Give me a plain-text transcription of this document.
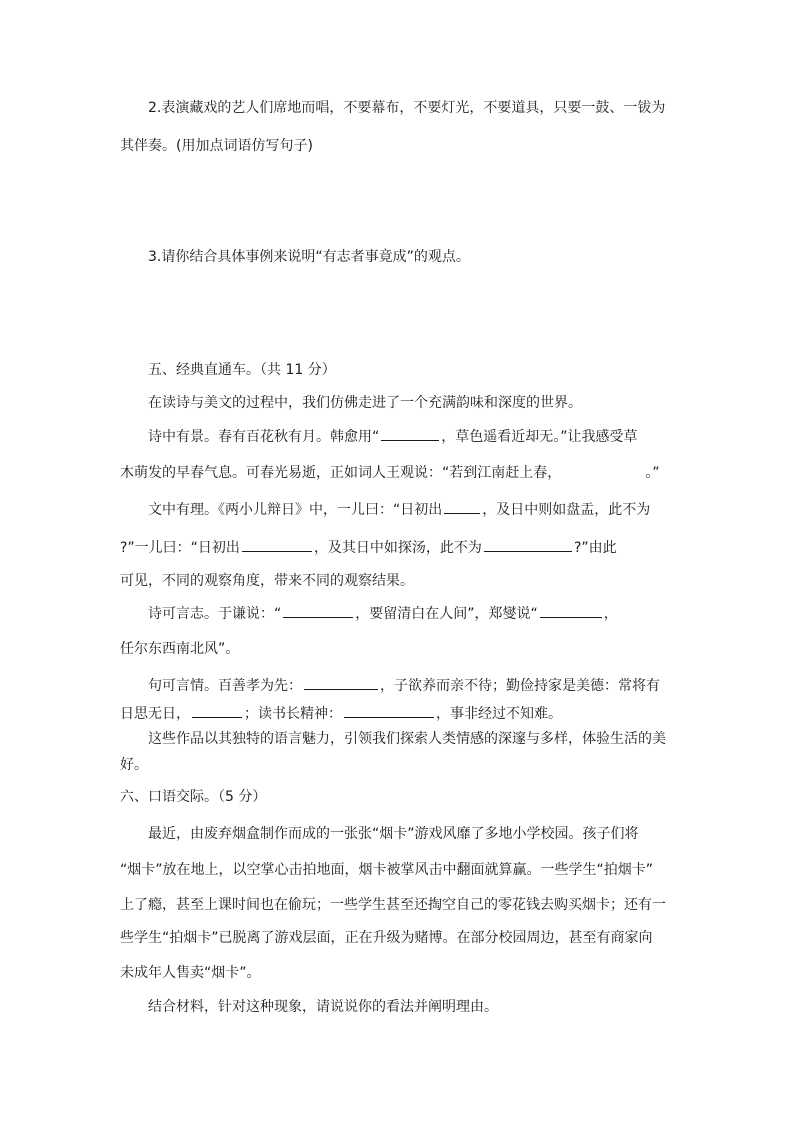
2.表演藏戏的艺人们席地而唱，不要幕布，不要灯光，不要道具，只要一鼓、一钹为
其伴奏。(用加点词语仿写句子)
3.请你结合具体事例来说明“有志者事竟成”的观点。
五、经典直通车。（共 11 分）
在读诗与美文的过程中，我们仿佛走进了一个充满韵味和深度的世界。
诗中有景。春有百花秋有月。韩愈用“	，草色遥看近却无。”让我感受草
木萌发的早春气息。可春光易逝，正如词人王观说：“若到江南赶上春，	。”
文中有理。《两小儿辩日》中，一儿曰：“日初出	，及日中则如盘盂，此不为
?”一儿曰：“日初出	，及其日中如探汤，此不为	?”由此
可见，不同的观察角度，带来不同的观察结果。
诗可言志。于谦说：“	，要留清白在人间”，郑燮说“	，
任尔东西南北风”。
句可言情。百善孝为先：	，子欲养而亲不待；勤俭持家是美德：常将有
日思无日，	；读书长精神：	，事非经过不知难。
这些作品以其独特的语言魅力，引领我们探索人类情感的深邃与多样，体验生活的美
好。
六、口语交际。（5 分）
最近，由废弃烟盒制作而成的一张张“烟卡”游戏风靡了多地小学校园。孩子们将
“烟卡”放在地上，以空掌心击拍地面，烟卡被掌风击中翻面就算赢。一些学生“拍烟卡”
上了瘾，甚至上课时间也在偷玩；一些学生甚至还掏空自己的零花钱去购买烟卡；还有一
些学生“拍烟卡”已脱离了游戏层面，正在升级为赌博。在部分校园周边，甚至有商家向
未成年人售卖“烟卡”。
结合材料，针对这种现象，请说说你的看法并阐明理由。
